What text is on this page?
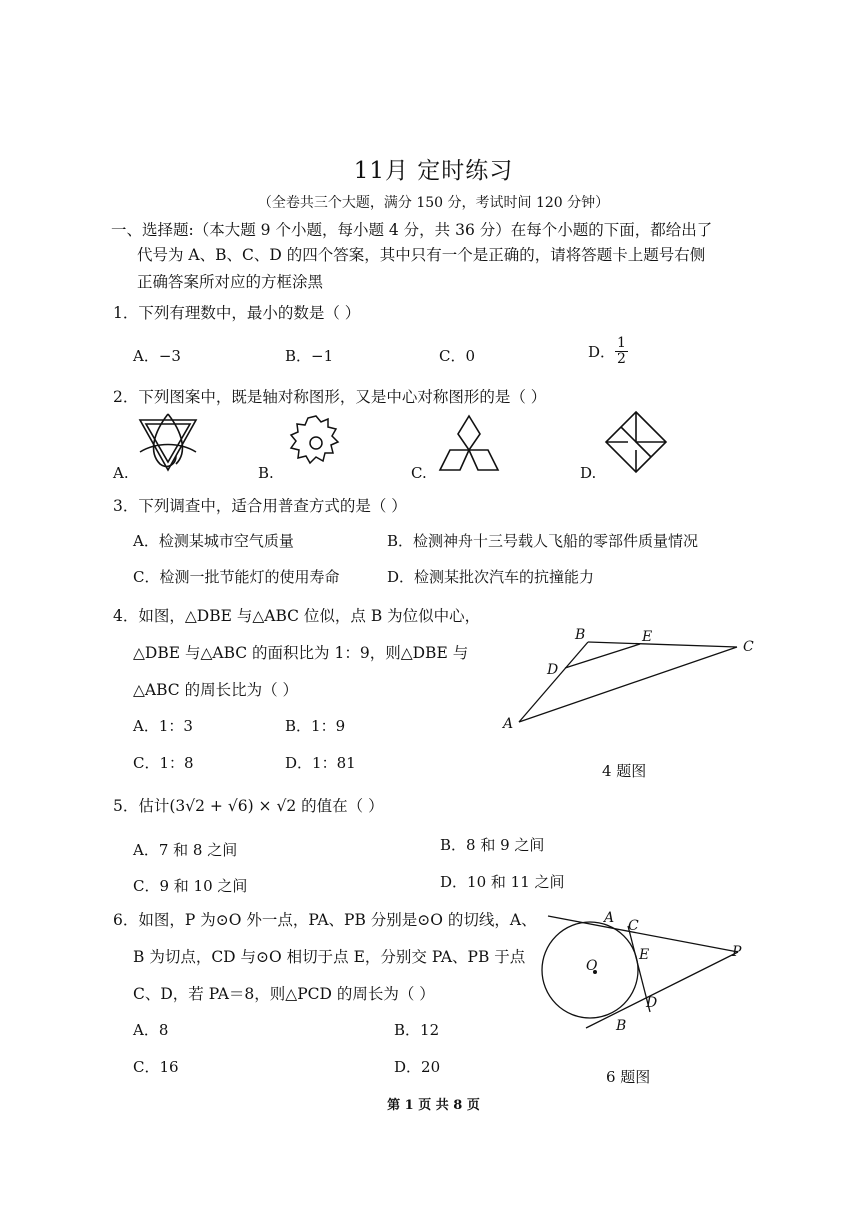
11月 定时练习
（全卷共三个大题，满分 150 分，考试时间 120 分钟）
一、选择题:（本大题 9 个小题，每小题 4 分，共 36 分）在每个小题的下面，都给出了
代号为 A、B、C、D 的四个答案，其中只有一个是正确的，请将答题卡上题号右侧
正确答案所对应的方框涂黑
1．下列有理数中，最小的数是（ ）
A．−3	B．−1	C．0	D． $\frac{1}{2}$
2．下列图案中，既是轴对称图形，又是中心对称图形的是（ ）
A.	B.	C.	D.
3．下列调查中，适合用普查方式的是（ ）
A．检测某城市空气质量	B．检测神舟十三号载人飞船的零部件质量情况
C．检测一批节能灯的使用寿命	D．检测某批次汽车的抗撞能力
4．如图，△DBE 与△ABC 位似，点 B 为位似中心，
△DBE 与△ABC 的面积比为 1：9，则△DBE 与
△ABC 的周长比为（ ）
A．1：3	B．1：9
C．1：8	D．1：81
B	E
C
D
A
4 题图
5．估计(3√2 + √6) × √2 的值在（ ）
A．7 和 8 之间	B．8 和 9 之间
C．9 和 10 之间	D．10 和 11 之间
6．如图，P 为⊙O 外一点，PA、PB 分别是⊙O 的切线，A、
B 为切点，CD 与⊙O 相切于点 E，分别交 PA、PB 于点
C、D，若 PA＝8，则△PCD 的周长为（ ）
A．8	B．12
C．16	D．20
A C
E
O
P
D
B
6 题图
第 1 页 共 8 页
